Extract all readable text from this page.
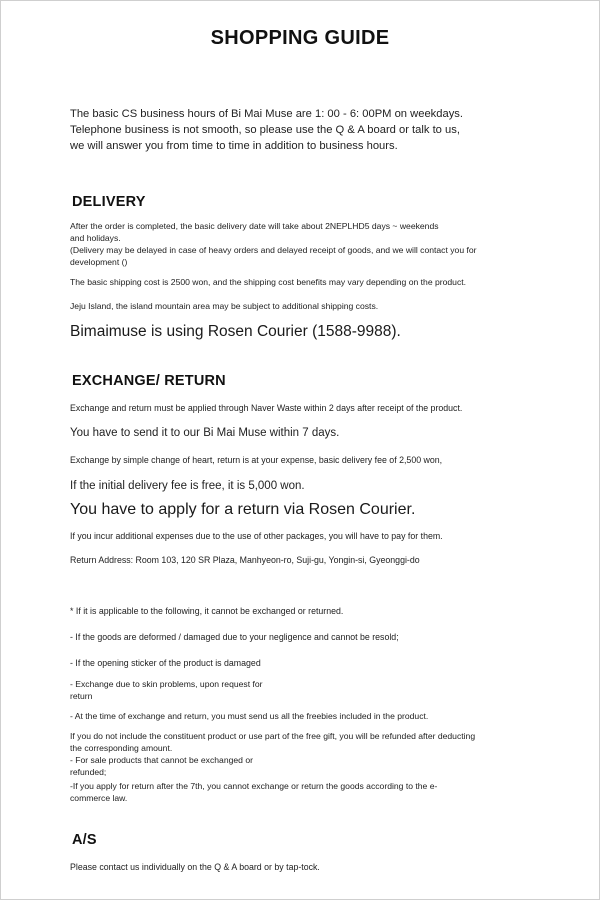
SHOPPING GUIDE

The basic CS business hours of Bi Mai Muse are 1: 00 - 6: 00PM on weekdays.

Telephone business is not smooth, so please use the Q & A board or talk to us,

we will answer you from time to time in addition to business hours.

DELIVERY
After the order is completed, the basic delivery date will take about 2NEPLHD5 days ~ weekends
and holidays.
(Delivery may be delayed in case of heavy orders and delayed receipt of goods, and we will contact you for
development ()
The basic shipping cost is 2500 won, and the shipping cost benefits may vary depending on the product.
Jeju Island, the island mountain area may be subject to additional shipping costs.
Bimaimuse is using Rosen Courier (1588-9988).
EXCHANGE/ RETURN
Exchange and return must be applied through Naver Waste within 2 days after receipt of the product.
You have to send it to our Bi Mai Muse within 7 days.
Exchange by simple change of heart, return is at your expense, basic delivery fee of 2,500 won,
If the initial delivery fee is free, it is 5,000 won.
You have to apply for a return via Rosen Courier.
If you incur additional expenses due to the use of other packages, you will have to pay for them.
Return Address: Room 103, 120 SR Plaza, Manhyeon-ro, Suji-gu, Yongin-si, Gyeonggi-do
* If it is applicable to the following, it cannot be exchanged or returned.
- If the goods are deformed / damaged due to your negligence and cannot be resold;
- If the opening sticker of the product is damaged
- Exchange due to skin problems, upon request for
return
- At the time of exchange and return, you must send us all the freebies included in the product.
If you do not include the constituent product or use part of the free gift, you will be refunded after deducting
the corresponding amount.
- For sale products that cannot be exchanged or
refunded;
-If you apply for return after the 7th, you cannot exchange or return the goods according to the e-
commerce law.
A/S
Please contact us individually on the Q & A board or by tap-tock.
